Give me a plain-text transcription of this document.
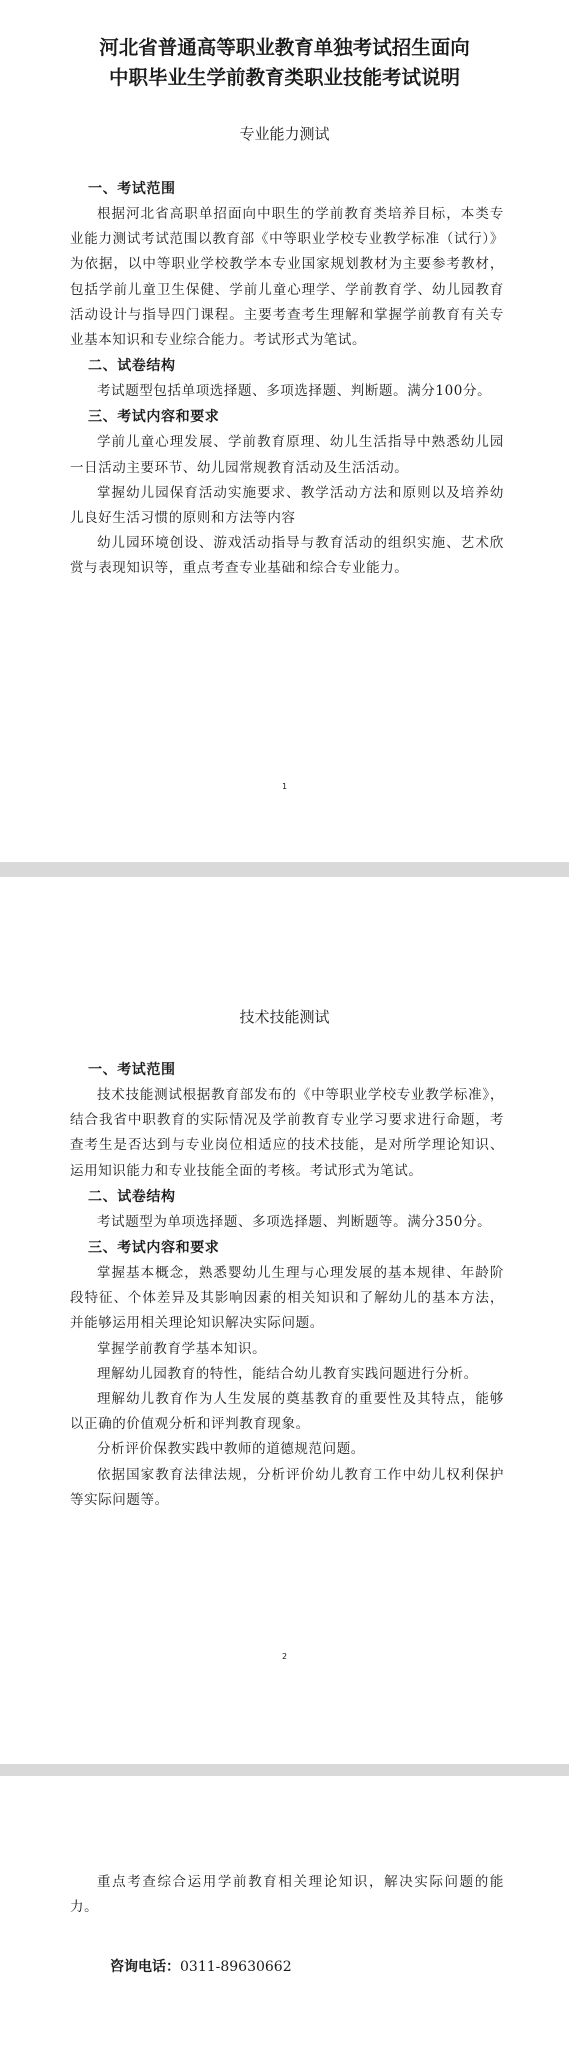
河北省普通高等职业教育单独考试招生面向
中职毕业生学前教育类职业技能考试说明
专业能力测试
一、考试范围

根据河北省高职单招面向中职生的学前教育类培养目标，本类专业能力测试考试范围以教育部《中等职业学校专业教学标准（试行）》为依据，以中等职业学校教学本专业国家规划教材为主要参考教材，包括学前儿童卫生保健、学前儿童心理学、学前教育学、幼儿园教育活动设计与指导四门课程。主要考查考生理解和掌握学前教育有关专业基本知识和专业综合能力。考试形式为笔试。

二、试卷结构

考试题型包括单项选择题、多项选择题、判断题。满分100分。

三、考试内容和要求

学前儿童心理发展、学前教育原理、幼儿生活指导中熟悉幼儿园一日活动主要环节、幼儿园常规教育活动及生活活动。

掌握幼儿园保育活动实施要求、教学活动方法和原则以及培养幼儿良好生活习惯的原则和方法等内容

幼儿园环境创设、游戏活动指导与教育活动的组织实施、艺术欣赏与表现知识等，重点考查专业基础和综合专业能力。

1
技术技能测试
一、考试范围

技术技能测试根据教育部发布的《中等职业学校专业教学标准》，结合我省中职教育的实际情况及学前教育专业学习要求进行命题，考查考生是否达到与专业岗位相适应的技术技能，是对所学理论知识、运用知识能力和专业技能全面的考核。考试形式为笔试。

二、试卷结构

考试题型为单项选择题、多项选择题、判断题等。满分350分。

三、考试内容和要求

掌握基本概念，熟悉婴幼儿生理与心理发展的基本规律、年龄阶段特征、个体差异及其影响因素的相关知识和了解幼儿的基本方法，并能够运用相关理论知识解决实际问题。

掌握学前教育学基本知识。

理解幼儿园教育的特性，能结合幼儿教育实践问题进行分析。

理解幼儿教育作为人生发展的奠基教育的重要性及其特点，能够以正确的价值观分析和评判教育现象。

分析评价保教实践中教师的道德规范问题。

依据国家教育法律法规，分析评价幼儿教育工作中幼儿权利保护等实际问题等。

2

重点考查综合运用学前教育相关理论知识，解决实际问题的能力。

咨询电话：0311-89630662
